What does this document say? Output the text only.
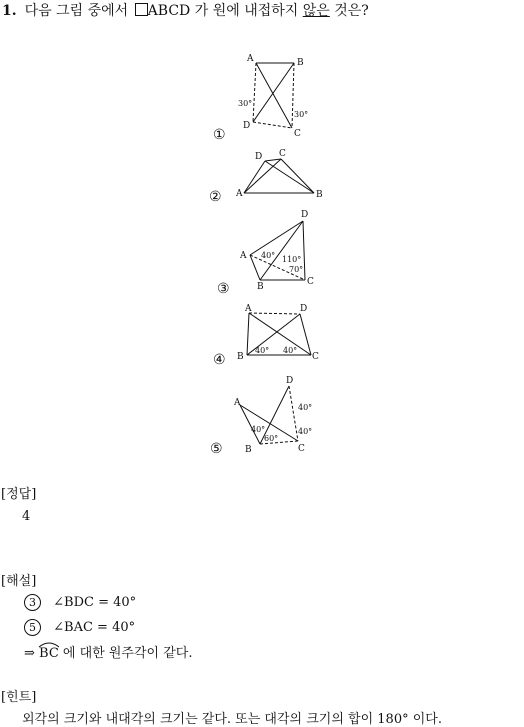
1. 다음 그림 중에서 ABCD 가 원에 내접하지 않은 것은?
A	B
C
D
30°
30°
①
A	B
C
D
②
A
B	C
D
40° 110°
70°
③
A
B	C
D
40° 40°
④
A
B	C
D
40°
40°
40°
60°
⑤
[정답]
4
[해설]
3 ∠BDC = 40°
5 ∠BAC = 40°
⇒
BC 에 대한 원주각이 같다.
[힌트]
외각의 크기와 내대각의 크기는 같다. 또는 대각의 크기의 합이 180° 이다.
